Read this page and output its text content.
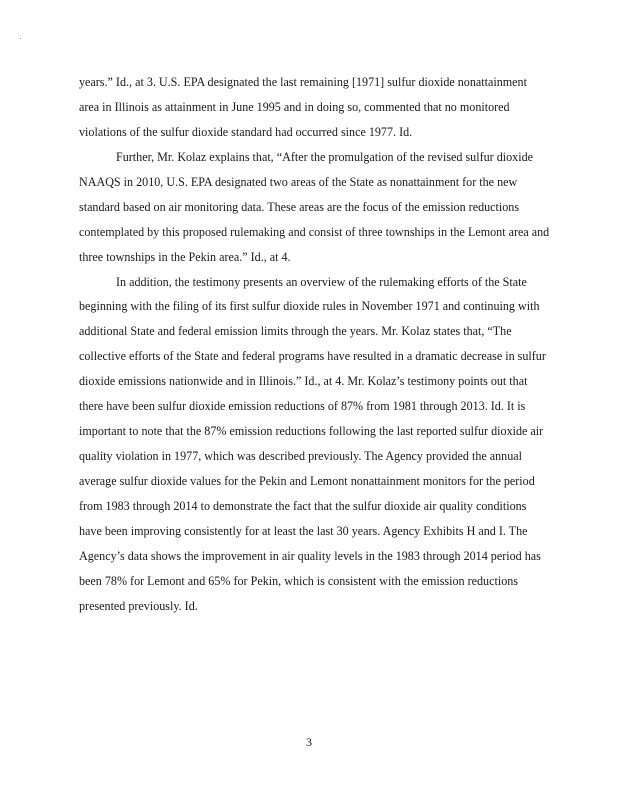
years.” Id., at 3. U.S. EPA designated the last remaining [1971] sulfur dioxide nonattainment

area in Illinois as attainment in June 1995 and in doing so, commented that no monitored

violations of the sulfur dioxide standard had occurred since 1977. Id.

Further, Mr. Kolaz explains that, “After the promulgation of the revised sulfur dioxide

NAAQS in 2010, U.S. EPA designated two areas of the State as nonattainment for the new

standard based on air monitoring data. These areas are the focus of the emission reductions

contemplated by this proposed rulemaking and consist of three townships in the Lemont area and

three townships in the Pekin area.” Id., at 4.

In addition, the testimony presents an overview of the rulemaking efforts of the State

beginning with the filing of its first sulfur dioxide rules in November 1971 and continuing with

additional State and federal emission limits through the years. Mr. Kolaz states that, “The

collective efforts of the State and federal programs have resulted in a dramatic decrease in sulfur

dioxide emissions nationwide and in Illinois.” Id., at 4. Mr. Kolaz’s testimony points out that

there have been sulfur dioxide emission reductions of 87% from 1981 through 2013. Id. It is

important to note that the 87% emission reductions following the last reported sulfur dioxide air

quality violation in 1977, which was described previously. The Agency provided the annual

average sulfur dioxide values for the Pekin and Lemont nonattainment monitors for the period

from 1983 through 2014 to demonstrate the fact that the sulfur dioxide air quality conditions

have been improving consistently for at least the last 30 years. Agency Exhibits H and I. The

Agency’s data shows the improvement in air quality levels in the 1983 through 2014 period has

been 78% for Lemont and 65% for Pekin, which is consistent with the emission reductions

presented previously. Id.

3
